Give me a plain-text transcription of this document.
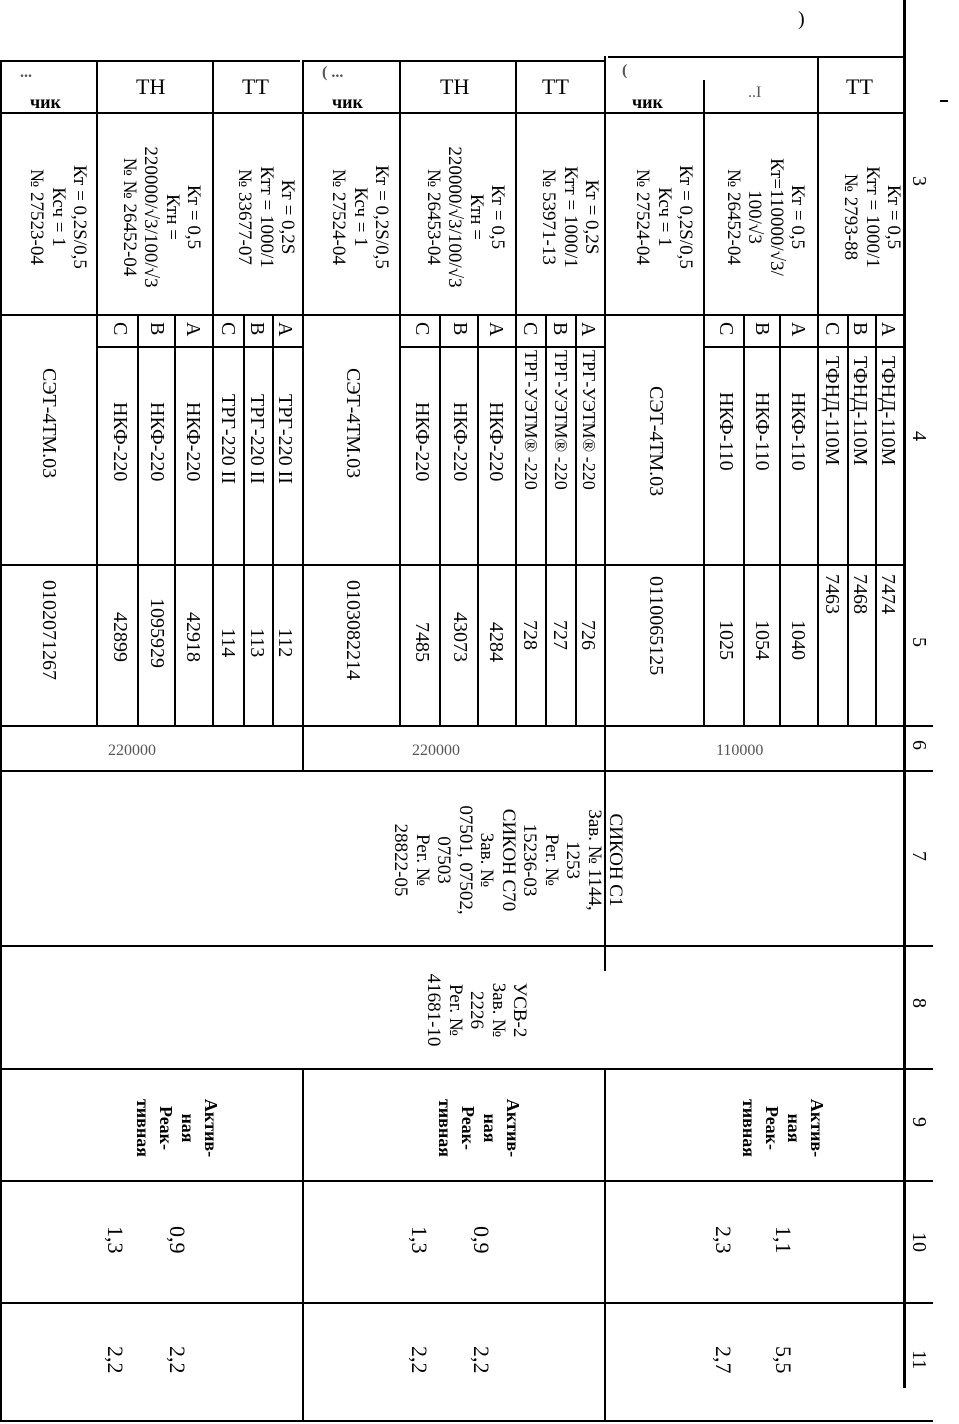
3
4
5
6
7
8
9
10
11
)
(
чик
ТТ
..I
( ...
чик
ТН	ТТ
...
чик
ТН	ТТ
Кт = 0,5
Ктт = 1000/1
№ 2793-88
Кт = 0,5
Кт=110000/√3/
100/√3
№ 26452-04
Кт = 0,2S/0,5
Ксч = 1
№ 27524-04
Кт = 0,2S
Ктт = 1000/1
№ 53971-13
Кт = 0,5
Ктн =
220000/√3/100/√3
№ 26453-04
Кт = 0,2S/0,5
Ксч = 1
№ 27524-04
Кт = 0,2S
Ктт = 1000/1
№ 33677-07
Кт = 0,5
Ктн =
220000/√3/100/√3
№ № 26452-04
Кт = 0,2S/0,5
Ксч = 1
№ 27523-04
А
ТФНД-110М
7474
В
ТФНД-110М
7468
С
ТФНД-110М
7463
А
НКФ-110
1040
В
НКФ-110
1054
С
НКФ-110
1025
СЭТ-4ТМ.03
0110065125
А
ТРГ-УЭТМ® -220
726
В
ТРГ-УЭТМ® -220
727
С
ТРГ-УЭТМ® -220
728
А
НКФ-220
4284
В
НКФ-220
43073
С
НКФ-220
7485
СЭТ-4ТМ.03
0103082214
А
ТРГ-220 II
112
В
ТРГ-220 II
113
С
ТРГ-220 II
114
А
НКФ-220
42918
В
НКФ-220
1095929
С
НКФ-220
42899
СЭТ-4ТМ.03
0102071267
110000
220000
220000
СИКОН С1
Зав. № 1144,
1253
Рег. №
15236-03
СИКОН С70
Зав. №
07501, 07502,
07503
Рег. №
28822-05
УСВ-2
Зав. №
2226
Рег. №
41681-10
Актив-
ная
Реак-
тивная
Актив-
ная
Реак-
тивная
Актив-
ная
Реак-
тивная
1,1
2,3
5,5
2,7
0,9
1,3
2,2
2,2
0,9
1,3
2,2
2,2
